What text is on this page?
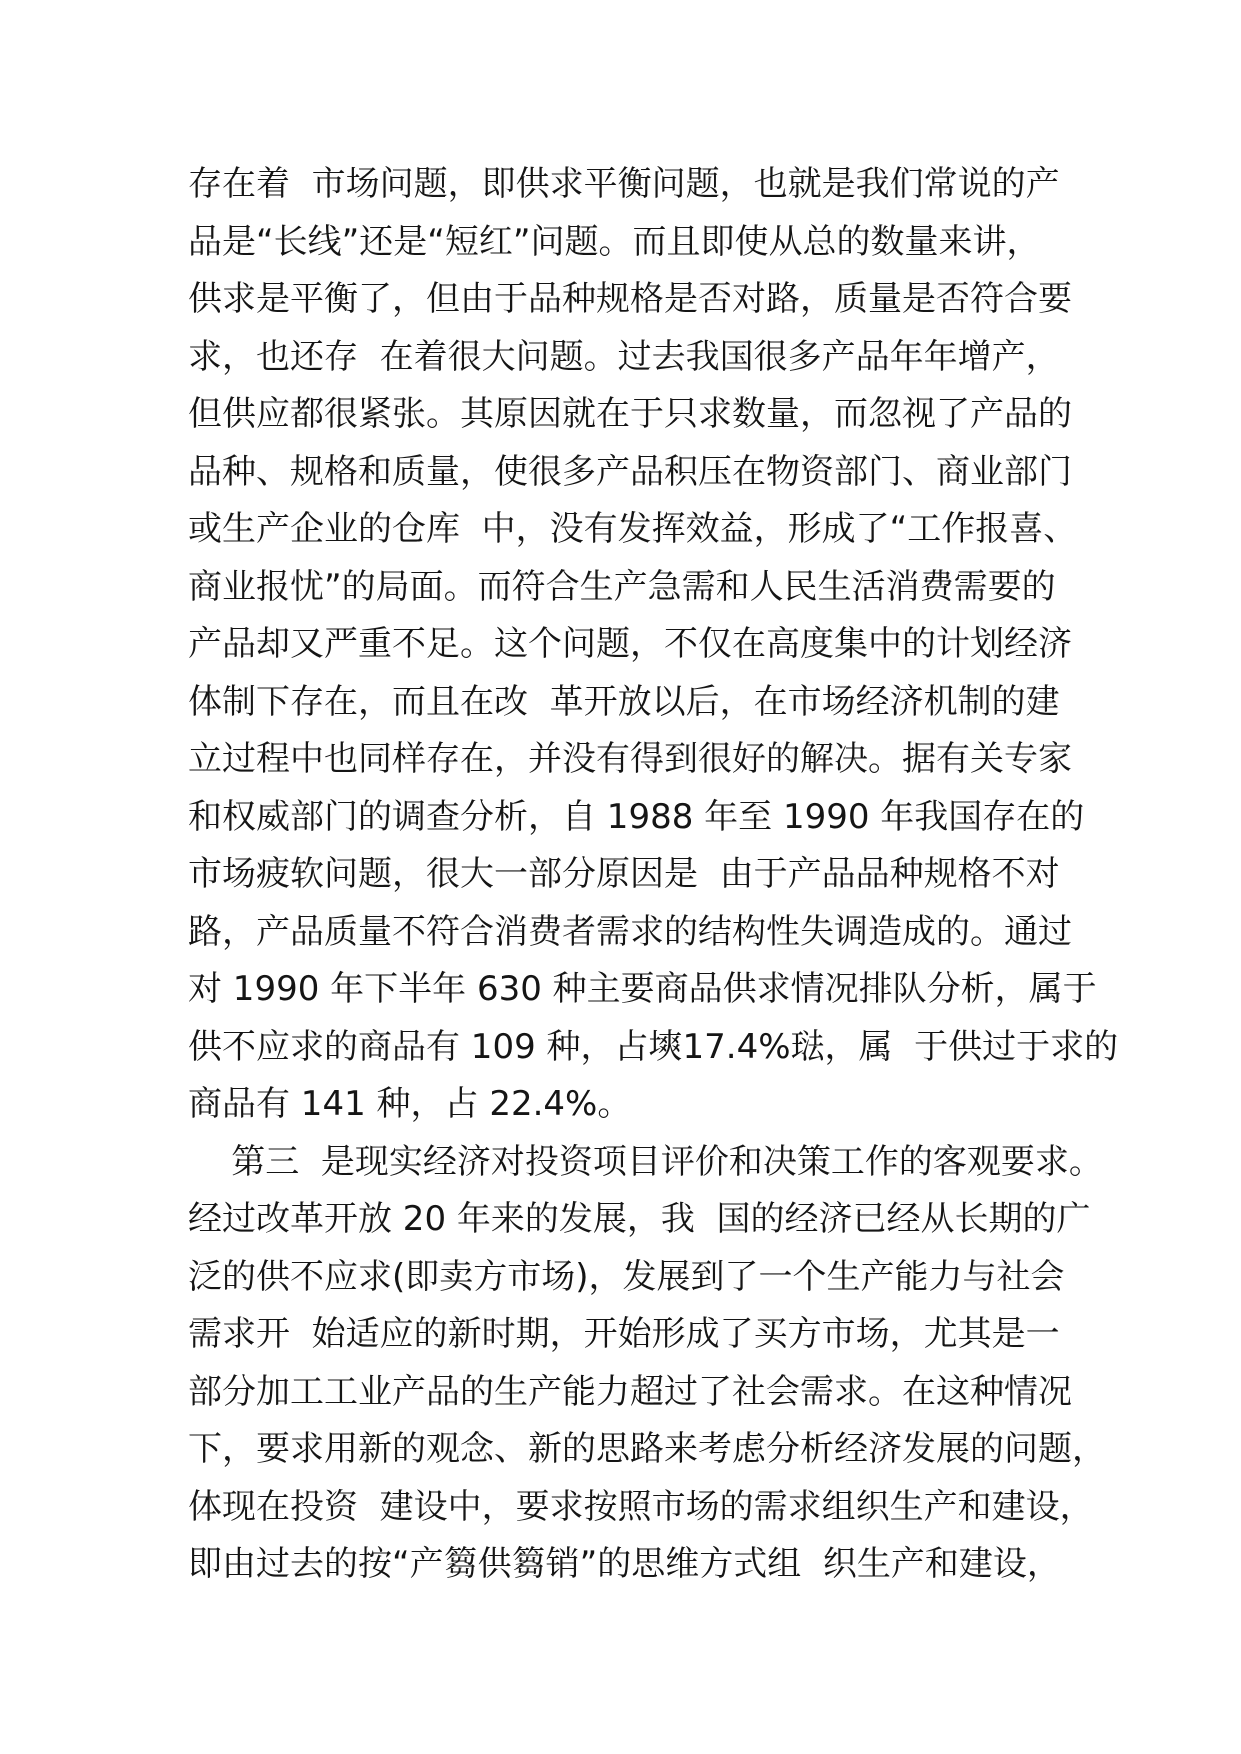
存在着  市场问题，即供求平衡问题，也就是我们常说的产
品是“长线”还是“短红”问题。而且即使从总的数量来讲，
供求是平衡了，但由于品种规格是否对路，质量是否符合要
求，也还存  在着很大问题。过去我国很多产品年年增产，
但供应都很紧张。其原因就在于只求数量，而忽视了产品的
品种、规格和质量，使很多产品积压在物资部门、商业部门
或生产企业的仓库  中，没有发挥效益，形成了“工作报喜、
商业报忧”的局面。而符合生产急需和人民生活消费需要的
产品却又严重不足。这个问题，不仅在高度集中的计划经济
体制下存在，而且在改  革开放以后，在市场经济机制的建
立过程中也同样存在，并没有得到很好的解决。据有关专家
和权威部门的调查分析，自 1988 年至 1990 年我国存在的
市场疲软问题，很大一部分原因是  由于产品品种规格不对
路，产品质量不符合消费者需求的结构性失调造成的。通过
对 1990 年下半年 630 种主要商品供求情况排队分析，属于
供不应求的商品有 109 种，占塽17.4%琺，属  于供过于求的
商品有 141 种，占 22.4%。
第三  是现实经济对投资项目评价和决策工作的客观要求。
经过改革开放 20 年来的发展，我  国的经济已经从长期的广
泛的供不应求(即卖方市场)，发展到了一个生产能力与社会
需求开  始适应的新时期，开始形成了买方市场，尤其是一
部分加工工业产品的生产能力超过了社会需求。在这种情况
下，要求用新的观念、新的思路来考虑分析经济发展的问题，
体现在投资  建设中，要求按照市场的需求组织生产和建设，
即由过去的按“产篘供篘销”的思维方式组  织生产和建设，
